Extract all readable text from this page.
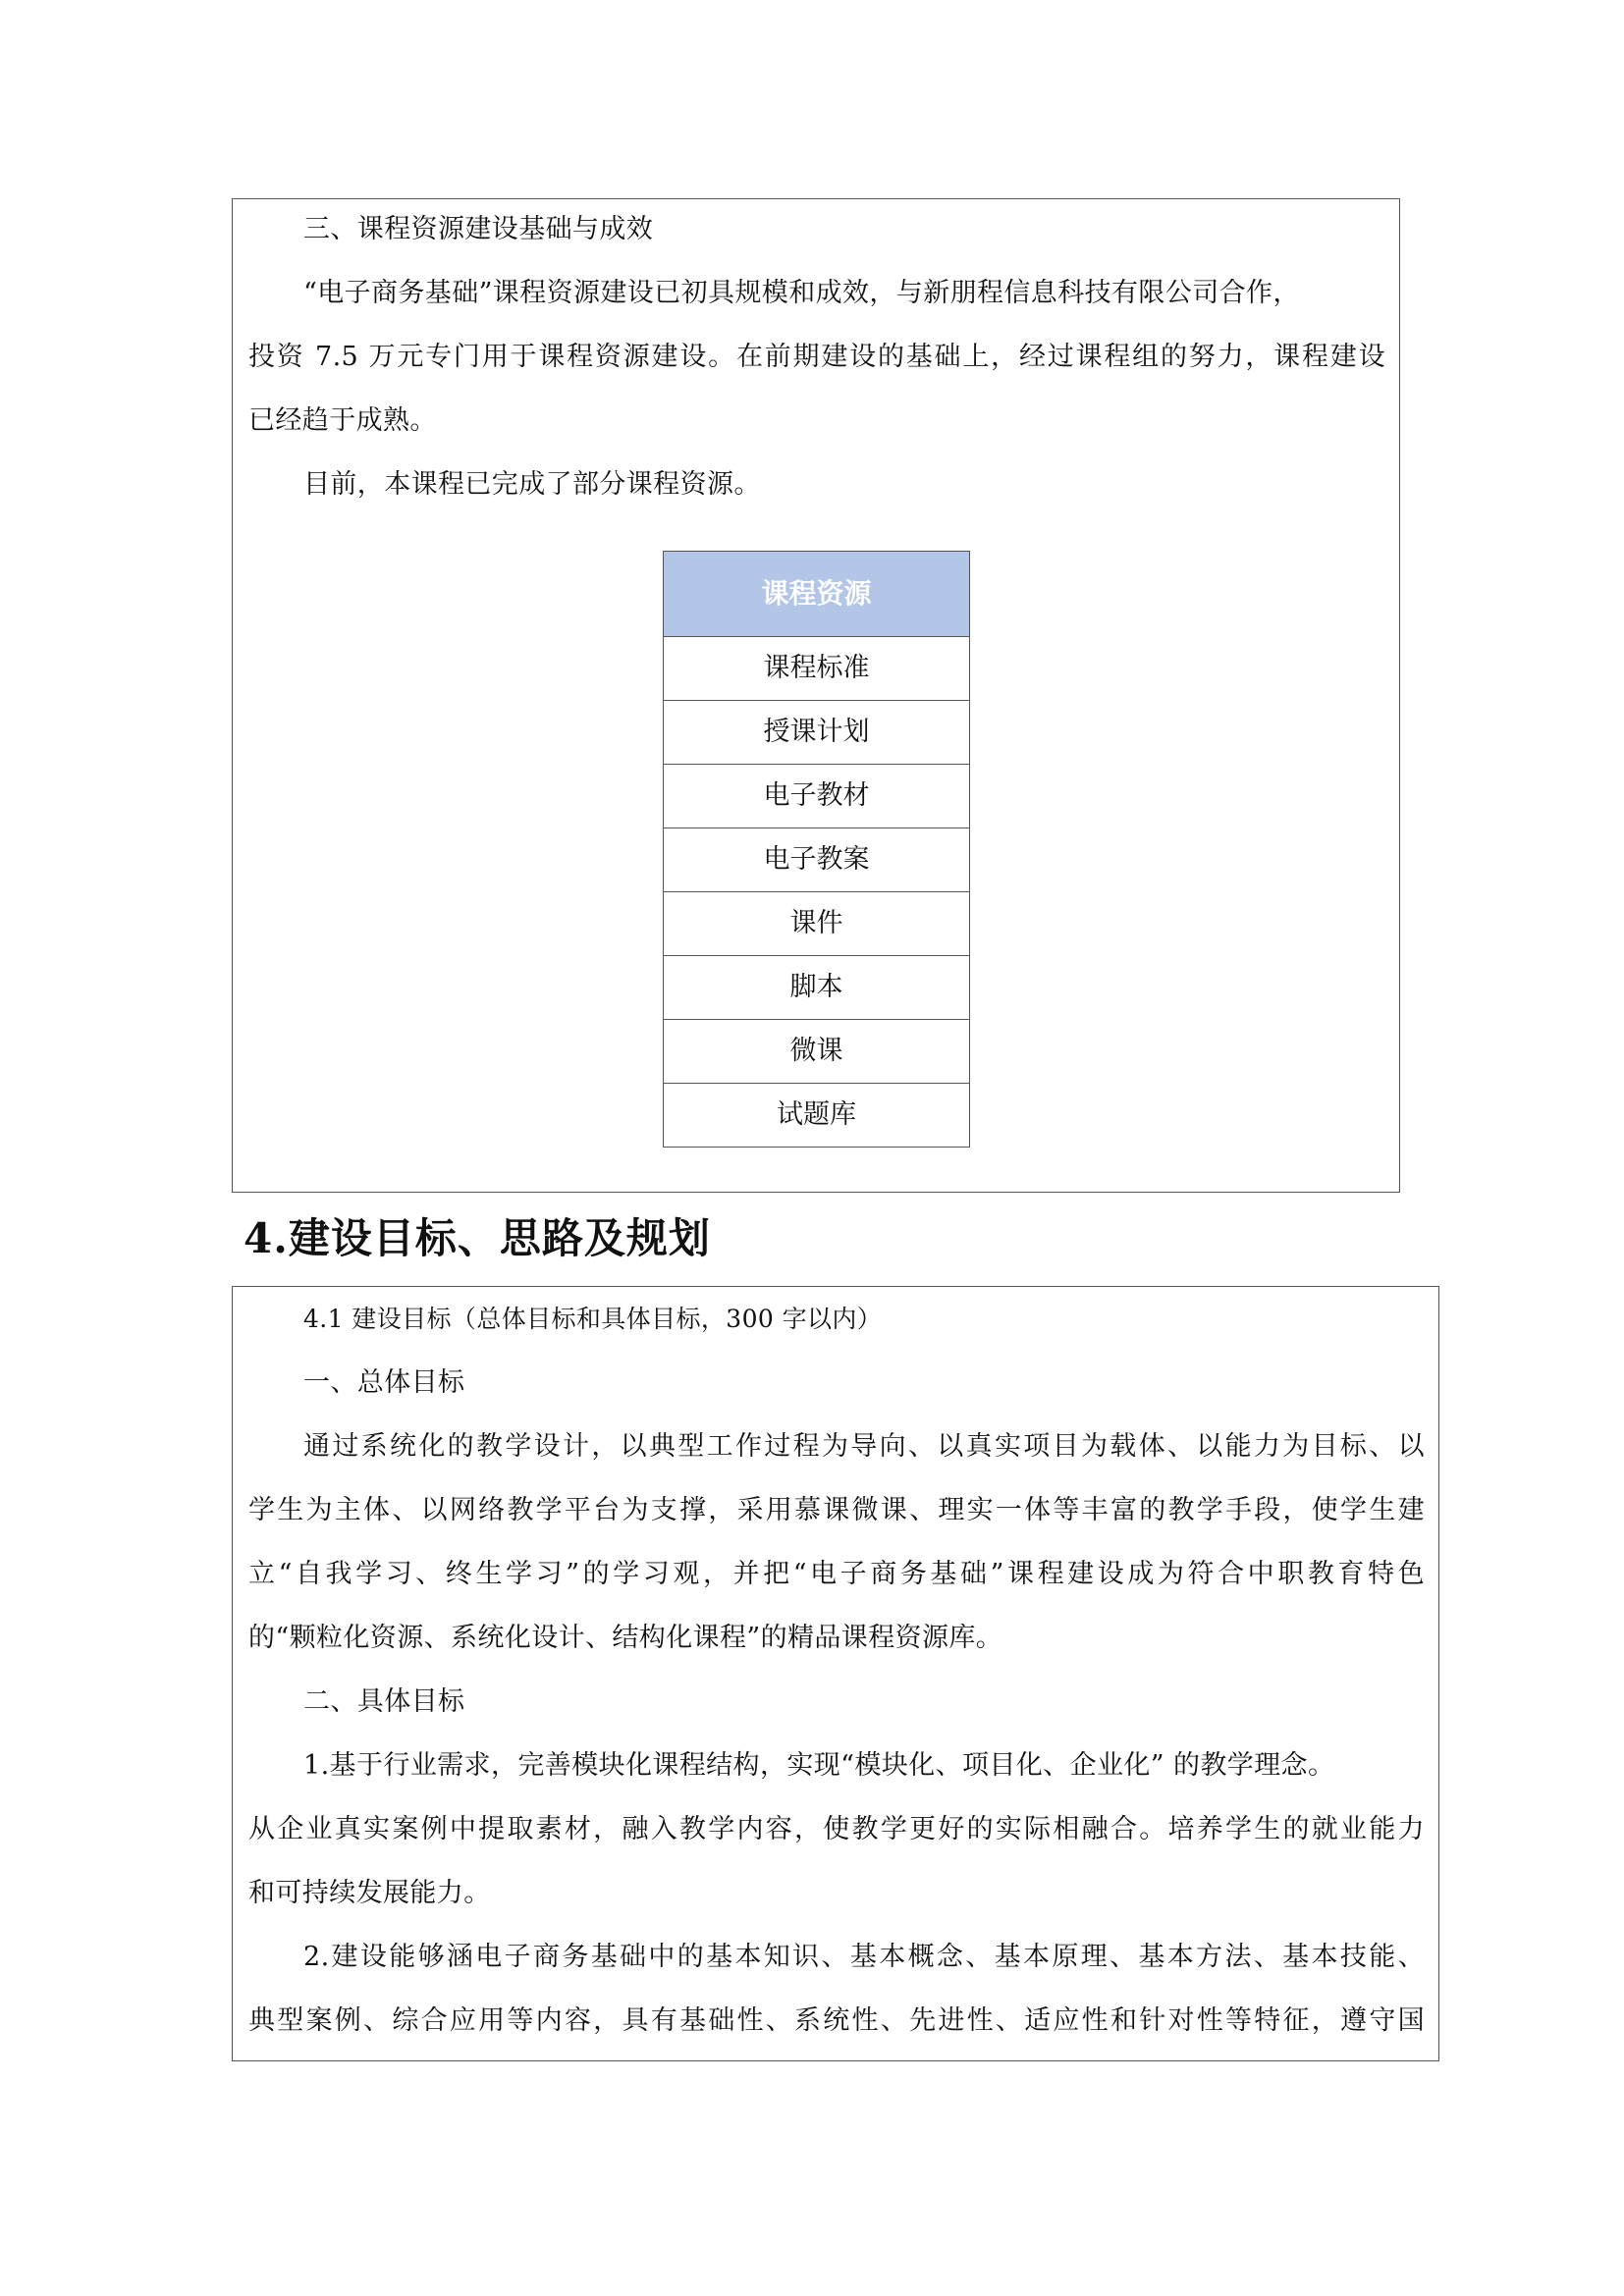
三、课程资源建设基础与成效
“电子商务基础”课程资源建设已初具规模和成效，与新朋程信息科技有限公司合作，
投资 7.5 万元专门用于课程资源建设。在前期建设的基础上，经过课程组的努力，课程建设
已经趋于成熟。
目前，本课程已完成了部分课程资源。
课程资源
课程标准
授课计划
电子教材
电子教案
课件
脚本
微课
试题库
4.建设目标、思路及规划
4.1 建设目标（总体目标和具体目标，300 字以内）
一、总体目标
通过系统化的教学设计，以典型工作过程为导向、以真实项目为载体、以能力为目标、以
学生为主体、以网络教学平台为支撑，采用慕课微课、理实一体等丰富的教学手段，使学生建
立“自我学习、终生学习”的学习观，并把“电子商务基础”课程建设成为符合中职教育特色
的“颗粒化资源、系统化设计、结构化课程”的精品课程资源库。
二、具体目标
1.基于行业需求，完善模块化课程结构，实现“模块化、项目化、企业化” 的教学理念。
从企业真实案例中提取素材，融入教学内容，使教学更好的实际相融合。培养学生的就业能力
和可持续发展能力。
2.建设能够涵电子商务基础中的基本知识、基本概念、基本原理、基本方法、基本技能、
典型案例、综合应用等内容，具有基础性、系统性、先进性、适应性和针对性等特征，遵守国
